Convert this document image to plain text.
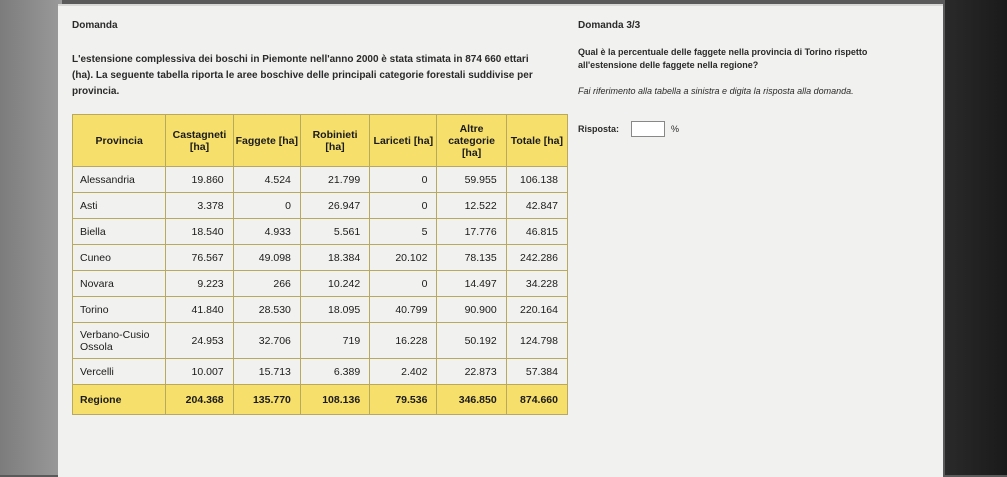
Domanda
L'estensione complessiva dei boschi in Piemonte nell'anno 2000 è stata stimata in 874 660 ettari (ha). La seguente tabella riporta le aree boschive delle principali categorie forestali suddivise per provincia.
Provincia	Castagneti [ha]	Faggete [ha]	Robinieti [ha]	Lariceti [ha]	Altre categorie [ha]	Totale [ha]
Alessandria	19.860	4.524	21.799	0	59.955	106.138
Asti	3.378	0	26.947	0	12.522	42.847
Biella	18.540	4.933	5.561	5	17.776	46.815
Cuneo	76.567	49.098	18.384	20.102	78.135	242.286
Novara	9.223	266	10.242	0	14.497	34.228
Torino	41.840	28.530	18.095	40.799	90.900	220.164
Verbano-Cusio Ossola	24.953	32.706	719	16.228	50.192	124.798
Vercelli	10.007	15.713	6.389	2.402	22.873	57.384
Regione	204.368	135.770	108.136	79.536	346.850	874.660
Domanda 3/3
Qual è la percentuale delle faggete nella provincia di Torino rispetto all'estensione delle faggete nella regione?
Fai riferimento alla tabella a sinistra e digita la risposta alla domanda.
Risposta:	%
